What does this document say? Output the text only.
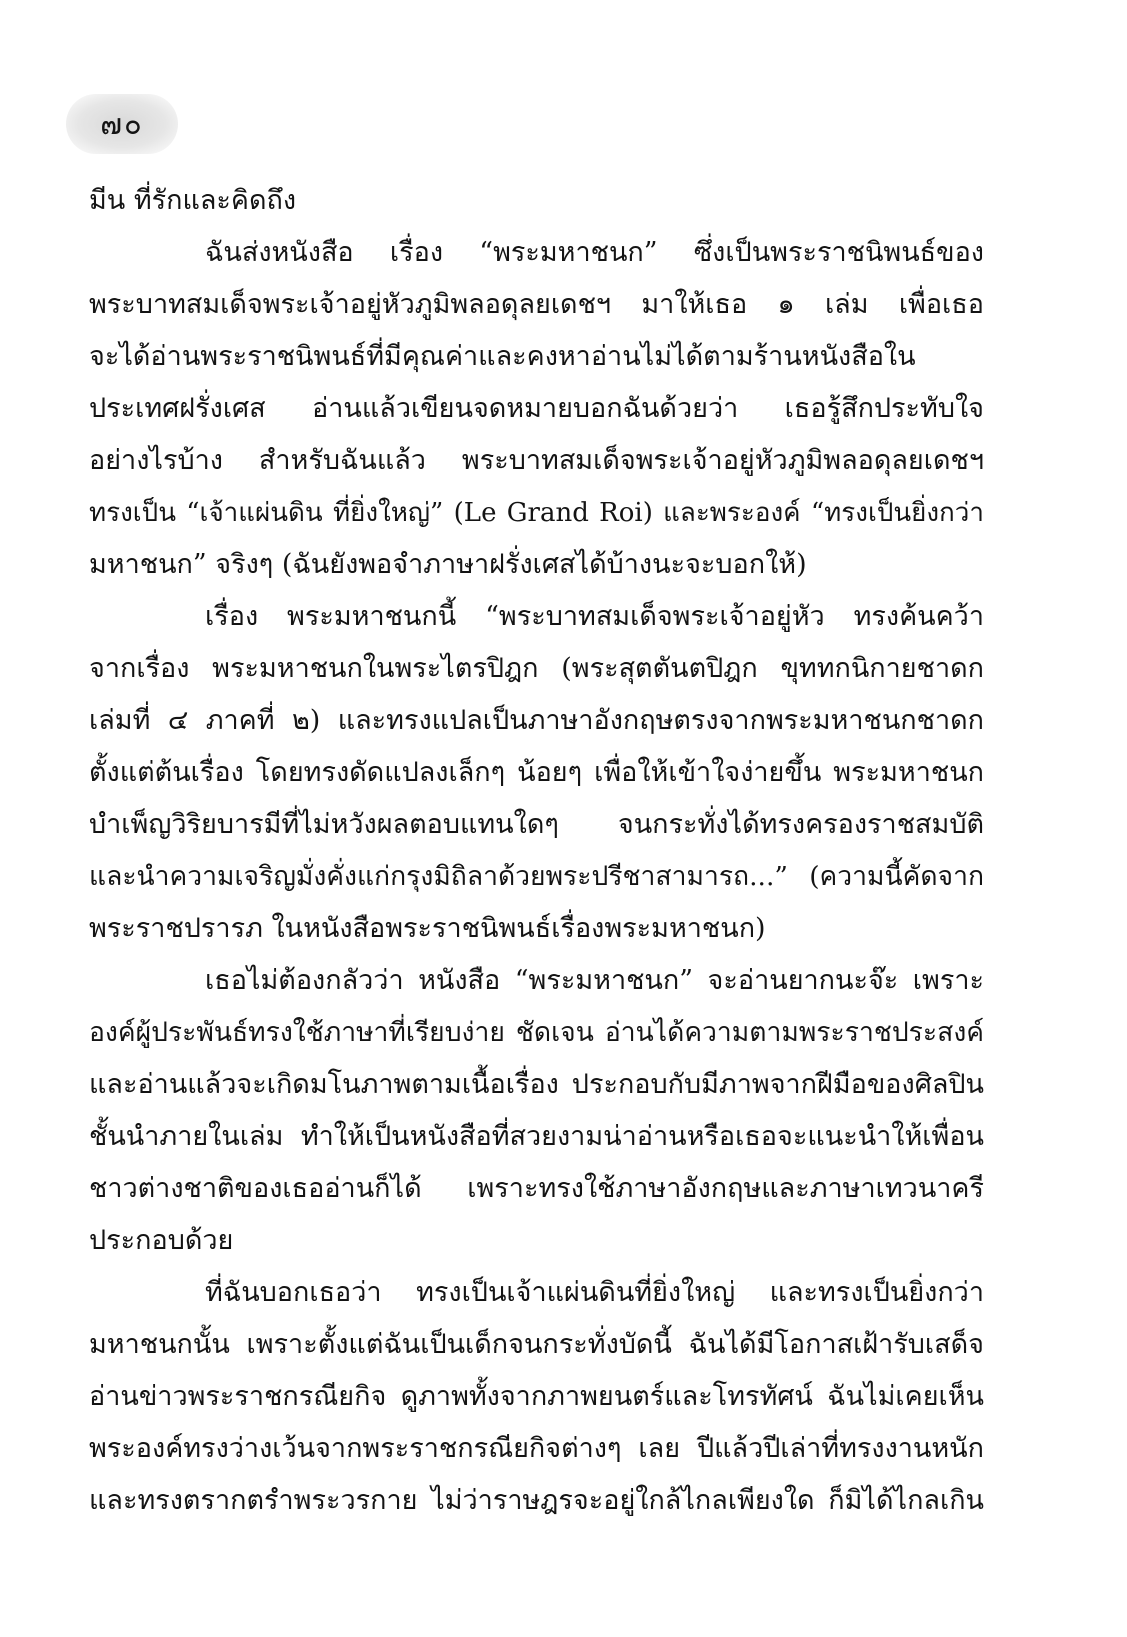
๗๐
มีน ที่รักและคิดถึง
ฉันส่งหนังสือ เรื่อง “พระมหาชนก” ซึ่งเป็นพระราชนิพนธ์ของ
พระบาทสมเด็จพระเจ้าอยู่หัวภูมิพลอดุลยเดชฯ มาให้เธอ ๑ เล่ม เพื่อเธอ
จะได้อ่านพระราชนิพนธ์ที่มีคุณค่าและคงหาอ่านไม่ได้ตามร้านหนังสือใน
ประเทศฝรั่งเศส อ่านแล้วเขียนจดหมายบอกฉันด้วยว่า เธอรู้สึกประทับใจ
อย่างไรบ้าง สำหรับฉันแล้ว พระบาทสมเด็จพระเจ้าอยู่หัวภูมิพลอดุลยเดชฯ
ทรงเป็น “เจ้าแผ่นดิน ที่ยิ่งใหญ่” (Le Grand Roi) และพระองค์ “ทรงเป็นยิ่งกว่า
มหาชนก” จริงๆ (ฉันยังพอจำภาษาฝรั่งเศสได้บ้างนะจะบอกให้)
เรื่อง พระมหาชนกนี้ “พระบาทสมเด็จพระเจ้าอยู่หัว ทรงค้นคว้า
จากเรื่อง พระมหาชนกในพระไตรปิฎก (พระสุตตันตปิฎก ขุททกนิกายชาดก
เล่มที่ ๔ ภาคที่ ๒) และทรงแปลเป็นภาษาอังกฤษตรงจากพระมหาชนกชาดก
ตั้งแต่ต้นเรื่อง โดยทรงดัดแปลงเล็กๆ น้อยๆ เพื่อให้เข้าใจง่ายขึ้น พระมหาชนก
บำเพ็ญวิริยบารมีที่ไม่หวังผลตอบแทนใดๆ จนกระทั่งได้ทรงครองราชสมบัติ
และนำความเจริญมั่งคั่งแก่กรุงมิถิลาด้วยพระปรีชาสามารถ...” (ความนี้คัดจาก
พระราชปรารภ ในหนังสือพระราชนิพนธ์เรื่องพระมหาชนก)
เธอไม่ต้องกลัวว่า หนังสือ “พระมหาชนก” จะอ่านยากนะจ๊ะ เพราะ
องค์ผู้ประพันธ์ทรงใช้ภาษาที่เรียบง่าย ชัดเจน อ่านได้ความตามพระราชประสงค์
และอ่านแล้วจะเกิดมโนภาพตามเนื้อเรื่อง ประกอบกับมีภาพจากฝีมือของศิลปิน
ชั้นนำภายในเล่ม ทำให้เป็นหนังสือที่สวยงามน่าอ่านหรือเธอจะแนะนำให้เพื่อน
ชาวต่างชาติของเธออ่านก็ได้ เพราะทรงใช้ภาษาอังกฤษและภาษาเทวนาครี
ประกอบด้วย
ที่ฉันบอกเธอว่า ทรงเป็นเจ้าแผ่นดินที่ยิ่งใหญ่ และทรงเป็นยิ่งกว่า
มหาชนกนั้น เพราะตั้งแต่ฉันเป็นเด็กจนกระทั่งบัดนี้ ฉันได้มีโอกาสเฝ้ารับเสด็จ
อ่านข่าวพระราชกรณียกิจ ดูภาพทั้งจากภาพยนตร์และโทรทัศน์ ฉันไม่เคยเห็น
พระองค์ทรงว่างเว้นจากพระราชกรณียกิจต่างๆ เลย ปีแล้วปีเล่าที่ทรงงานหนัก
และทรงตรากตรำพระวรกาย ไม่ว่าราษฎรจะอยู่ใกล้ไกลเพียงใด ก็มิได้ไกลเกิน
